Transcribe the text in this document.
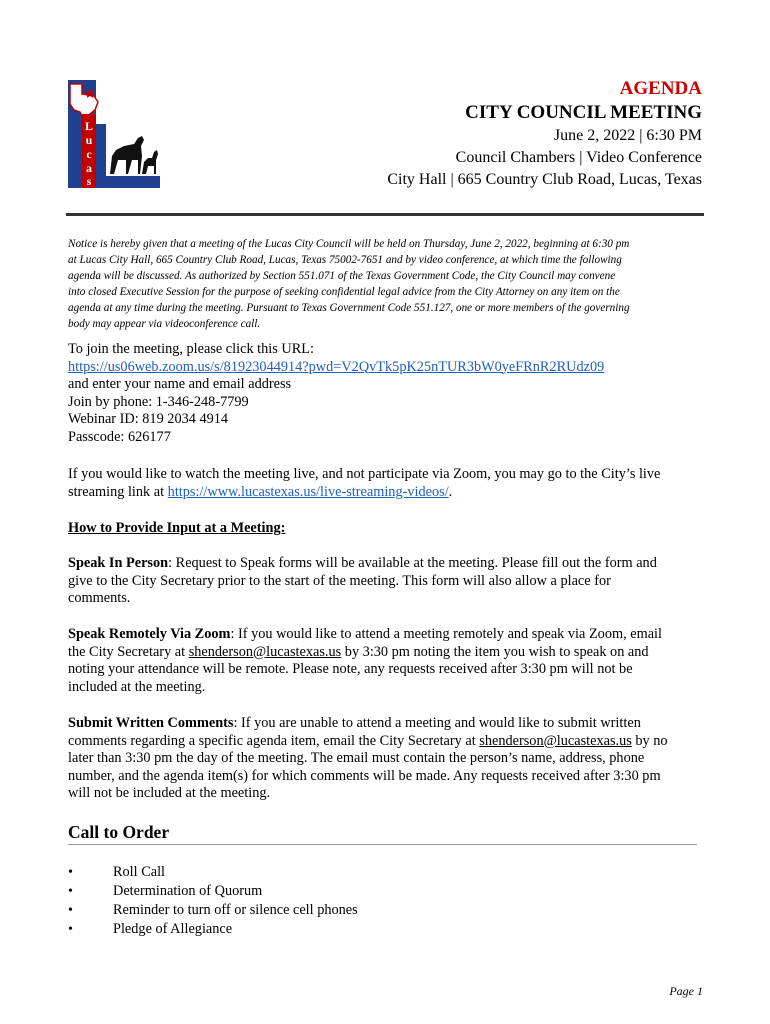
L
u
c
a
s
AGENDA
CITY COUNCIL MEETING
June 2, 2022 | 6:30 PM
Council Chambers | Video Conference
City Hall | 665 Country Club Road, Lucas, Texas
Notice is hereby given that a meeting of the Lucas City Council will be held on Thursday, June 2, 2022, beginning at 6:30 pm
at Lucas City Hall, 665 Country Club Road, Lucas, Texas 75002-7651 and by video conference, at which time the following
agenda will be discussed. As authorized by Section 551.071 of the Texas Government Code, the City Council may convene
into closed Executive Session for the purpose of seeking confidential legal advice from the City Attorney on any item on the
agenda at any time during the meeting. Pursuant to Texas Government Code 551.127, one or more members of the governing
body may appear via videoconference call.
To join the meeting, please click this URL:
https://us06web.zoom.us/s/81923044914?pwd=V2QvTk5pK25nTUR3bW0yeFRnR2RUdz09
and enter your name and email address
Join by phone: 1-346-248-7799
Webinar ID: 819 2034 4914
Passcode: 626177
If you would like to watch the meeting live, and not participate via Zoom, you may go to the City’s live
streaming link at https://www.lucastexas.us/live-streaming-videos/.
How to Provide Input at a Meeting:
Speak In Person: Request to Speak forms will be available at the meeting. Please fill out the form and
give to the City Secretary prior to the start of the meeting. This form will also allow a place for
comments.
Speak Remotely Via Zoom: If you would like to attend a meeting remotely and speak via Zoom, email
the City Secretary at shenderson@lucastexas.us by 3:30 pm noting the item you wish to speak on and
noting your attendance will be remote. Please note, any requests received after 3:30 pm will not be
included at the meeting.
Submit Written Comments: If you are unable to attend a meeting and would like to submit written
comments regarding a specific agenda item, email the City Secretary at shenderson@lucastexas.us by no
later than 3:30 pm the day of the meeting. The email must contain the person’s name, address, phone
number, and the agenda item(s) for which comments will be made. Any requests received after 3:30 pm
will not be included at the meeting.
Call to Order
•	Roll Call
•	Determination of Quorum
•	Reminder to turn off or silence cell phones
•	Pledge of Allegiance
Page 1
